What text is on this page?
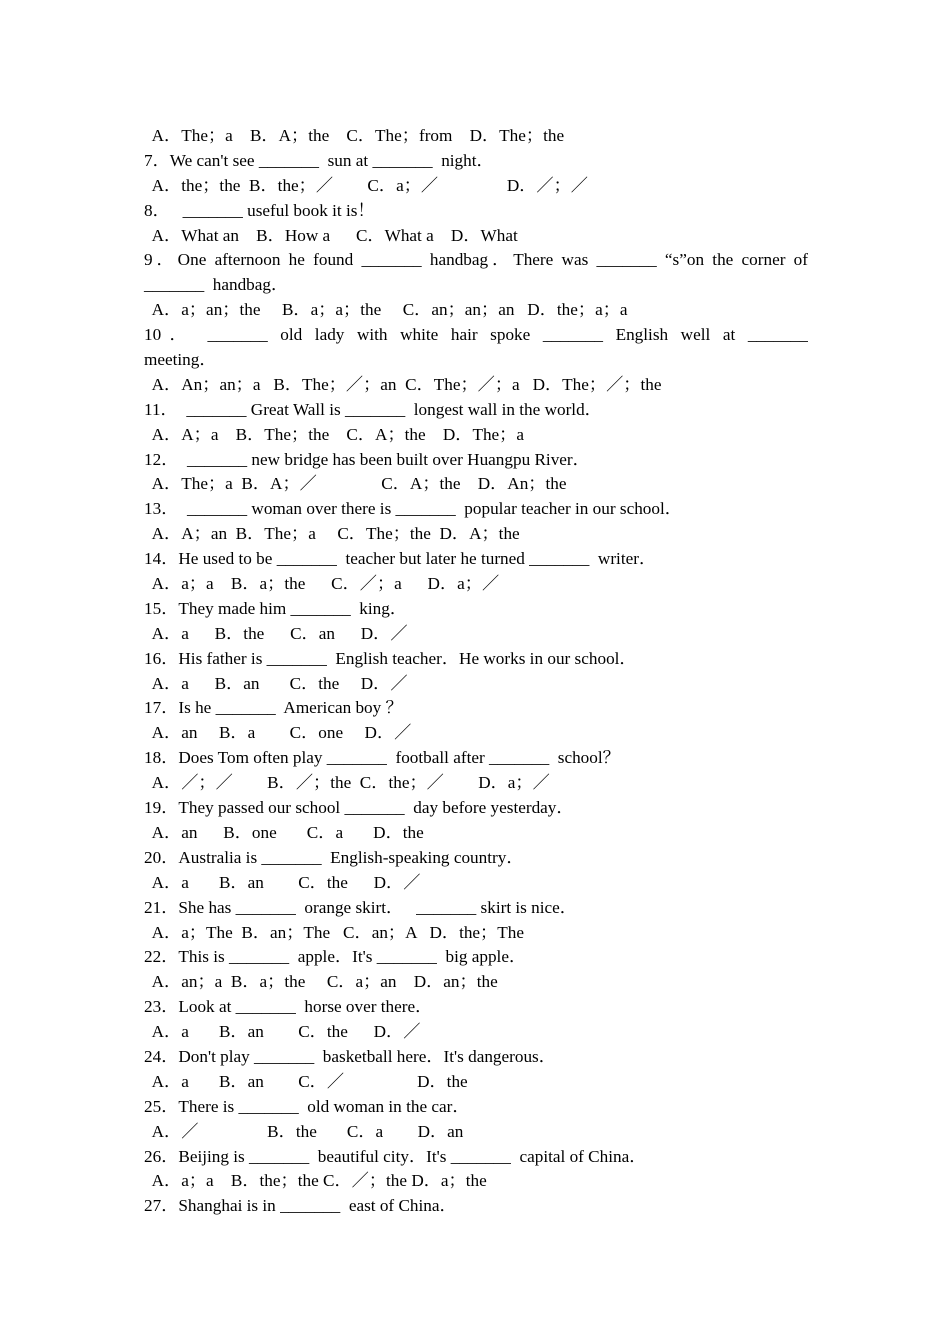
A．The；a    B．A；the    C．The；from    D．The；the
7．We can't see _______  sun at _______  night．
A．the；the  B．the；／        C．a；／                D．／；／
8．   _______ useful book it is！
A．What an    B．How a      C．What a    D．What
9．One afternoon he found _______ handbag．There was _______ “s”on the corner of
_______  handbag．
A．a；an；the     B．a；a；the     C．an；an；an   D．the；a；a
10． _______ old lady with white hair spoke _______ English well at _______
meeting．
A．An；an；a   B．The；／；an  C．The；／；a   D．The；／；the
11．  _______ Great Wall is _______  longest wall in the world．
A．A；a    B．The；the    C．A；the    D．The；a
12．  _______ new bridge has been built over Huangpu River．
A．The；a  B．A；／               C．A；the    D．An；the
13．  _______ woman over there is _______  popular teacher in our school．
A．A；an  B．The；a     C．The；the  D．A；the
14．He used to be _______  teacher but later he turned _______  writer．
A．a；a    B．a；the      C．／；a      D．a；／
15．They made him _______  king．
A．a      B．the      C．an      D．／
16．His father is _______  English teacher．He works in our school．
A．a      B．an       C．the     D．／
17．Is he _______  American boy ？
A．an     B．a        C．one     D．／
18．Does Tom often play _______  football after _______  school？
A．／；／        B．／；the  C．the；／        D．a；／
19．They passed our school _______  day before yesterday．
A．an      B．one       C．a       D．the
20．Australia is _______  English-speaking country．
A．a       B．an        C．the      D．／
21．She has _______  orange skirt．   _______ skirt is nice．
A．a；The  B．an；The   C．an；A   D．the；The
22．This is _______  apple．It's _______  big apple．
A．an；a  B．a；the     C．a；an    D．an；the
23．Look at _______  horse over there．
A．a       B．an        C．the      D．／
24．Don't play _______  basketball here．It's dangerous．
A．a       B．an        C．／                 D．the
25．There is _______  old woman in the car．
A．／                B．the       C．a        D．an
26．Beijing is _______  beautiful city．It's _______  capital of China．
A．a；a    B．the；the C．／；the D．a；the
27．Shanghai is in _______  east of China．
